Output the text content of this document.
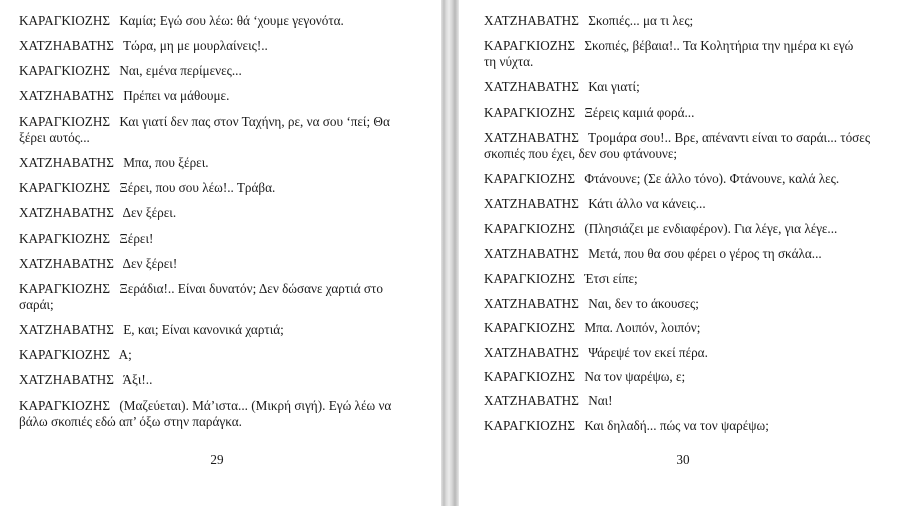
ΚΑΡΑΓΚΙΟΖΗΣ Καμία; Εγώ σου λέω: θά ‘χουμε γεγονότα.

ΧΑΤΖΗΑΒΑΤΗΣ Τώρα, μη με μουρλαίνεις!..

ΚΑΡΑΓΚΙΟΖΗΣ Ναι, εμένα περίμενες...

ΧΑΤΖΗΑΒΑΤΗΣ Πρέπει να μάθουμε.

ΚΑΡΑΓΚΙΟΖΗΣ Και γιατί δεν πας στον Ταχήνη, ρε, να σου ‘πεί; Θα
ξέρει αυτός...

ΧΑΤΖΗΑΒΑΤΗΣ Μπα, που ξέρει.

ΚΑΡΑΓΚΙΟΖΗΣ Ξέρει, που σου λέω!.. Τράβα.

ΧΑΤΖΗΑΒΑΤΗΣ Δεν ξέρει.

ΚΑΡΑΓΚΙΟΖΗΣ Ξέρει!

ΧΑΤΖΗΑΒΑΤΗΣ Δεν ξέρει!

ΚΑΡΑΓΚΙΟΖΗΣ Ξεράδια!.. Είναι δυνατόν; Δεν δώσανε χαρτιά στο
σαράι;

ΧΑΤΖΗΑΒΑΤΗΣ Ε, και; Είναι κανονικά χαρτιά;

ΚΑΡΑΓΚΙΟΖΗΣ Α;

ΧΑΤΖΗΑΒΑΤΗΣ Άξι!..

ΚΑΡΑΓΚΙΟΖΗΣ (Μαζεύεται). Μά’ιστα... (Μικρή σιγή). Εγώ λέω να
βάλω σκοπιές εδώ απ’ όξω στην παράγκα.

29

ΧΑΤΖΗΑΒΑΤΗΣ Σκοπιές... μα τι λες;

ΚΑΡΑΓΚΙΟΖΗΣ Σκοπιές, βέβαια!.. Τα Κολητήρια την ημέρα κι εγώ
τη νύχτα.

ΧΑΤΖΗΑΒΑΤΗΣ Και γιατί;

ΚΑΡΑΓΚΙΟΖΗΣ Ξέρεις καμιά φορά...

ΧΑΤΖΗΑΒΑΤΗΣ Τρομάρα σου!.. Βρε, απέναντι είναι το σαράι... τόσες
σκοπιές που έχει, δεν σου φτάνουνε;

ΚΑΡΑΓΚΙΟΖΗΣ Φτάνουνε; (Σε άλλο τόνο). Φτάνουνε, καλά λες.

ΧΑΤΖΗΑΒΑΤΗΣ Κάτι άλλο να κάνεις...

ΚΑΡΑΓΚΙΟΖΗΣ (Πλησιάζει με ενδιαφέρον). Για λέγε, για λέγε...

ΧΑΤΖΗΑΒΑΤΗΣ Μετά, που θα σου φέρει ο γέρος τη σκάλα...

ΚΑΡΑΓΚΙΟΖΗΣ Έτσι είπε;

ΧΑΤΖΗΑΒΑΤΗΣ Ναι, δεν το άκουσες;

ΚΑΡΑΓΚΙΟΖΗΣ Μπα. Λοιπόν, λοιπόν;

ΧΑΤΖΗΑΒΑΤΗΣ Ψάρεψέ τον εκεί πέρα.

ΚΑΡΑΓΚΙΟΖΗΣ Να τον ψαρέψω, ε;

ΧΑΤΖΗΑΒΑΤΗΣ Ναι!

ΚΑΡΑΓΚΙΟΖΗΣ Και δηλαδή... πώς να τον ψαρέψω;

30
